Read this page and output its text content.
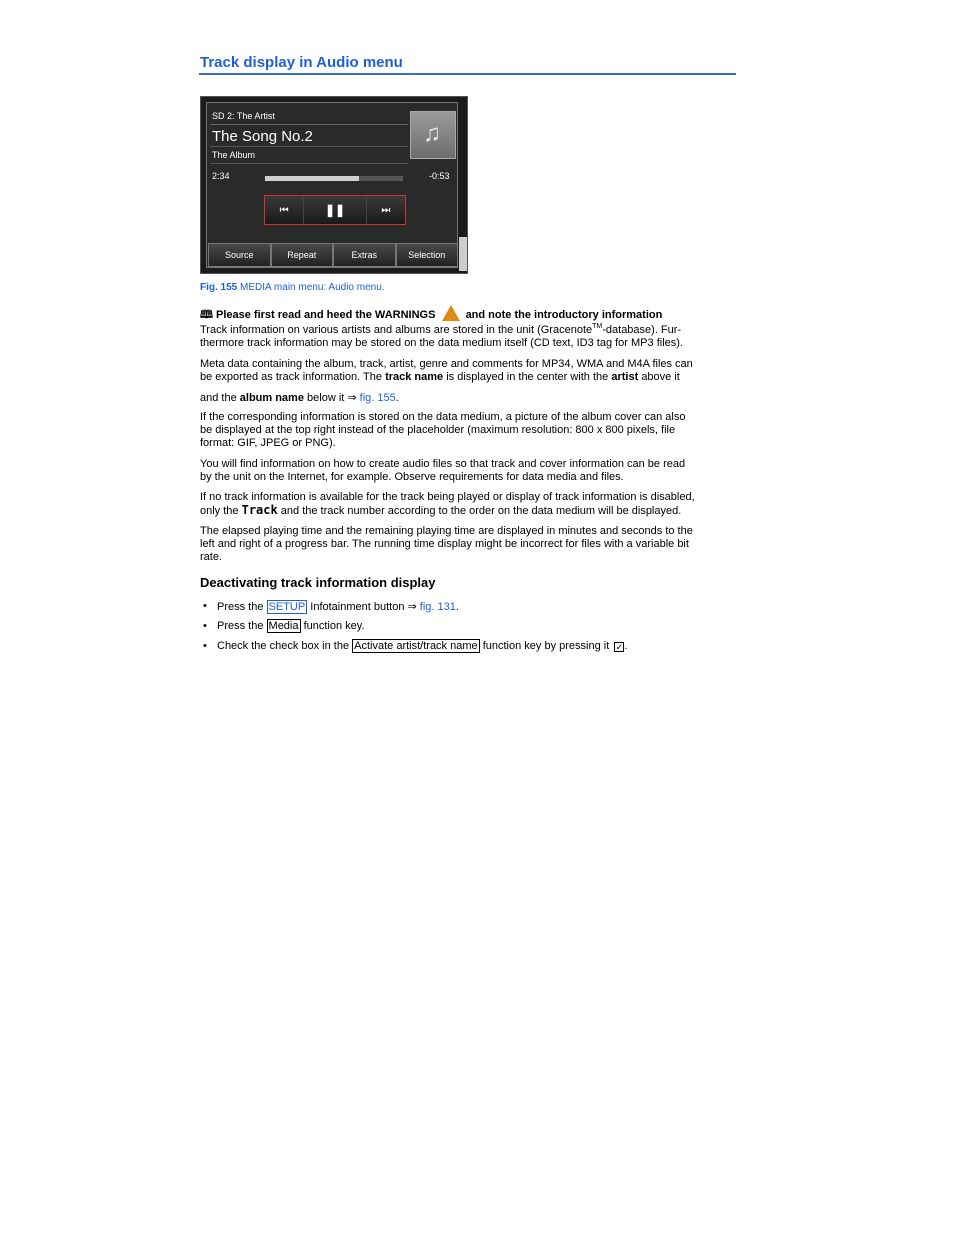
Track display in Audio menu
SD 2: The Artist
The Song No.2
The Album
♫
2:34	-0:53
⏮	❚❚	⏭
Source	Repeat	Extras	Selection
Fig. 155 MEDIA main menu: Audio menu.
🕮 Please first read and heed the WARNINGS	and note the introductory information
Track information on various artists and albums are stored in the unit (Gracenote™-database). Fur-
thermore track information may be stored on the data medium itself (CD text, ID3 tag for MP3 files).
Meta data containing the album, track, artist, genre and comments for MP34, WMA and M4A files can
be exported as track information. The track name is displayed in the center with the artist above it
and the album name below it ⇒ fig. 155.
If the corresponding information is stored on the data medium, a picture of the album cover can also
be displayed at the top right instead of the placeholder (maximum resolution: 800 x 800 pixels, file
format: GIF, JPEG or PNG).
You will find information on how to create audio files so that track and cover information can be read
by the unit on the Internet, for example. Observe requirements for data media and files.
If no track information is available for the track being played or display of track information is disabled,
only the Track and the track number according to the order on the data medium will be displayed.
The elapsed playing time and the remaining playing time are displayed in minutes and seconds to the
left and right of a progress bar. The running time display might be incorrect for files with a variable bit
rate.
Deactivating track information display
• Press the SETUP Infotainment button ⇒ fig. 131.
• Press the Media function key.
• Check the check box in the Activate artist/track name function key by pressing it ✓.
